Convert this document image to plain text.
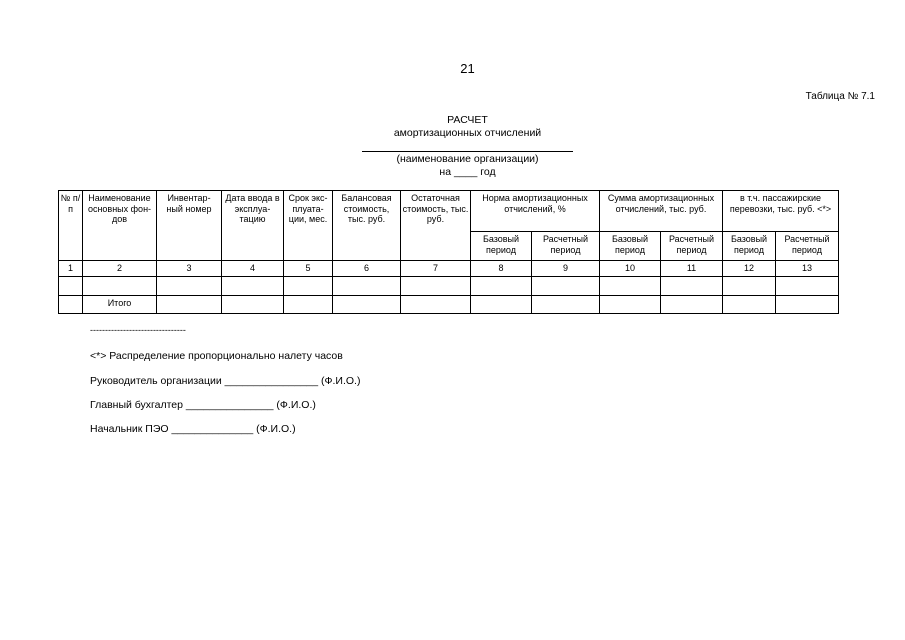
21
Таблица № 7.1
РАСЧЕТ
амортизационных отчислений
(наименование организации)
на ____ год
№ п/п	Наименование основных фон- дов	Инвентар- ный номер	Дата ввода в эксплуа- тацию	Срок экс- плуата- ции, мес.	Балансовая стоимость, тыс. руб.	Остаточная стоимость, тыс. руб.	Норма амортизационных отчислений, %		Сумма амортизационных отчислений, тыс. руб.		в т.ч. пассажирские перевозки, тыс. руб. <*>	
							Базовый период	Расчетный период	Базовый период	Расчетный период	Базовый период	Расчетный период
1	2	3	4	5	6	7	8	9	10	11	12	13

	Итого											
--------------------------------
<*> Распределение пропорционально налету часов
Руководитель организации ________________ (Ф.И.О.)
Главный бухгалтер _______________ (Ф.И.О.)
Начальник ПЭО ______________ (Ф.И.О.)
